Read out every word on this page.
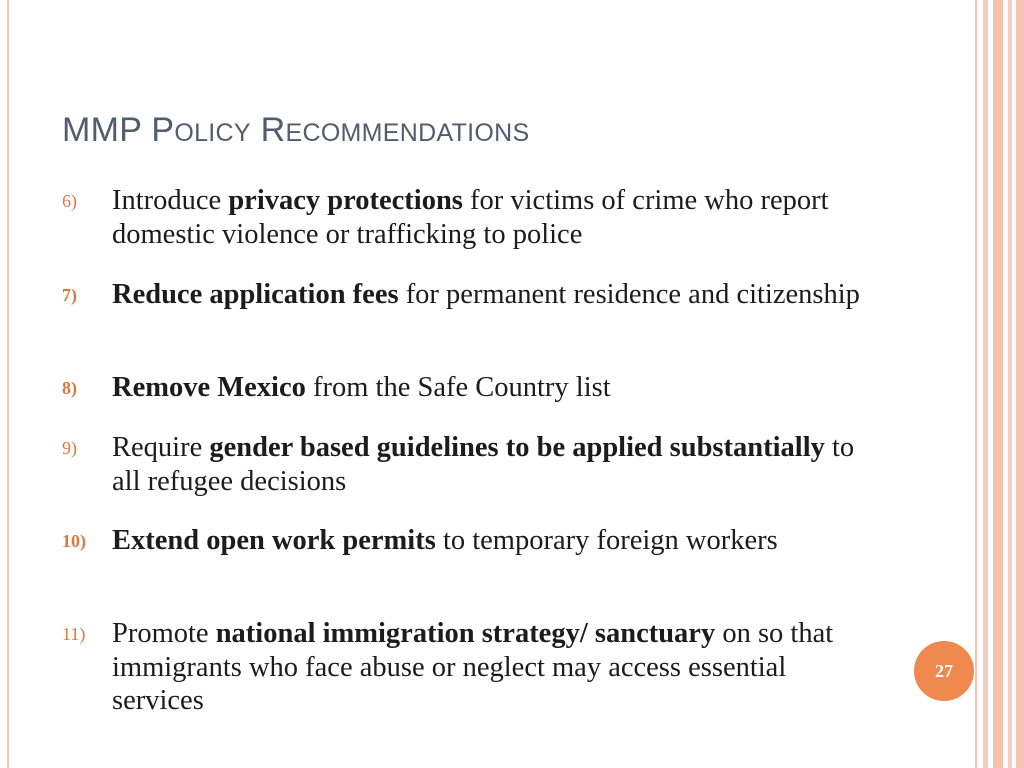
MMP POLICY RECOMMENDATIONS
6)	Introduce privacy protections for victims of crime who report domestic violence or trafficking to police
7)	Reduce application fees for permanent residence and citizenship
8)	Remove Mexico from the Safe Country list
9)	Require gender based guidelines to be applied substantially to all refugee decisions
10) Extend open work permits to temporary foreign workers
11) Promote national immigration strategy/ sanctuary on so that immigrants who face abuse or neglect may access essential services
27
